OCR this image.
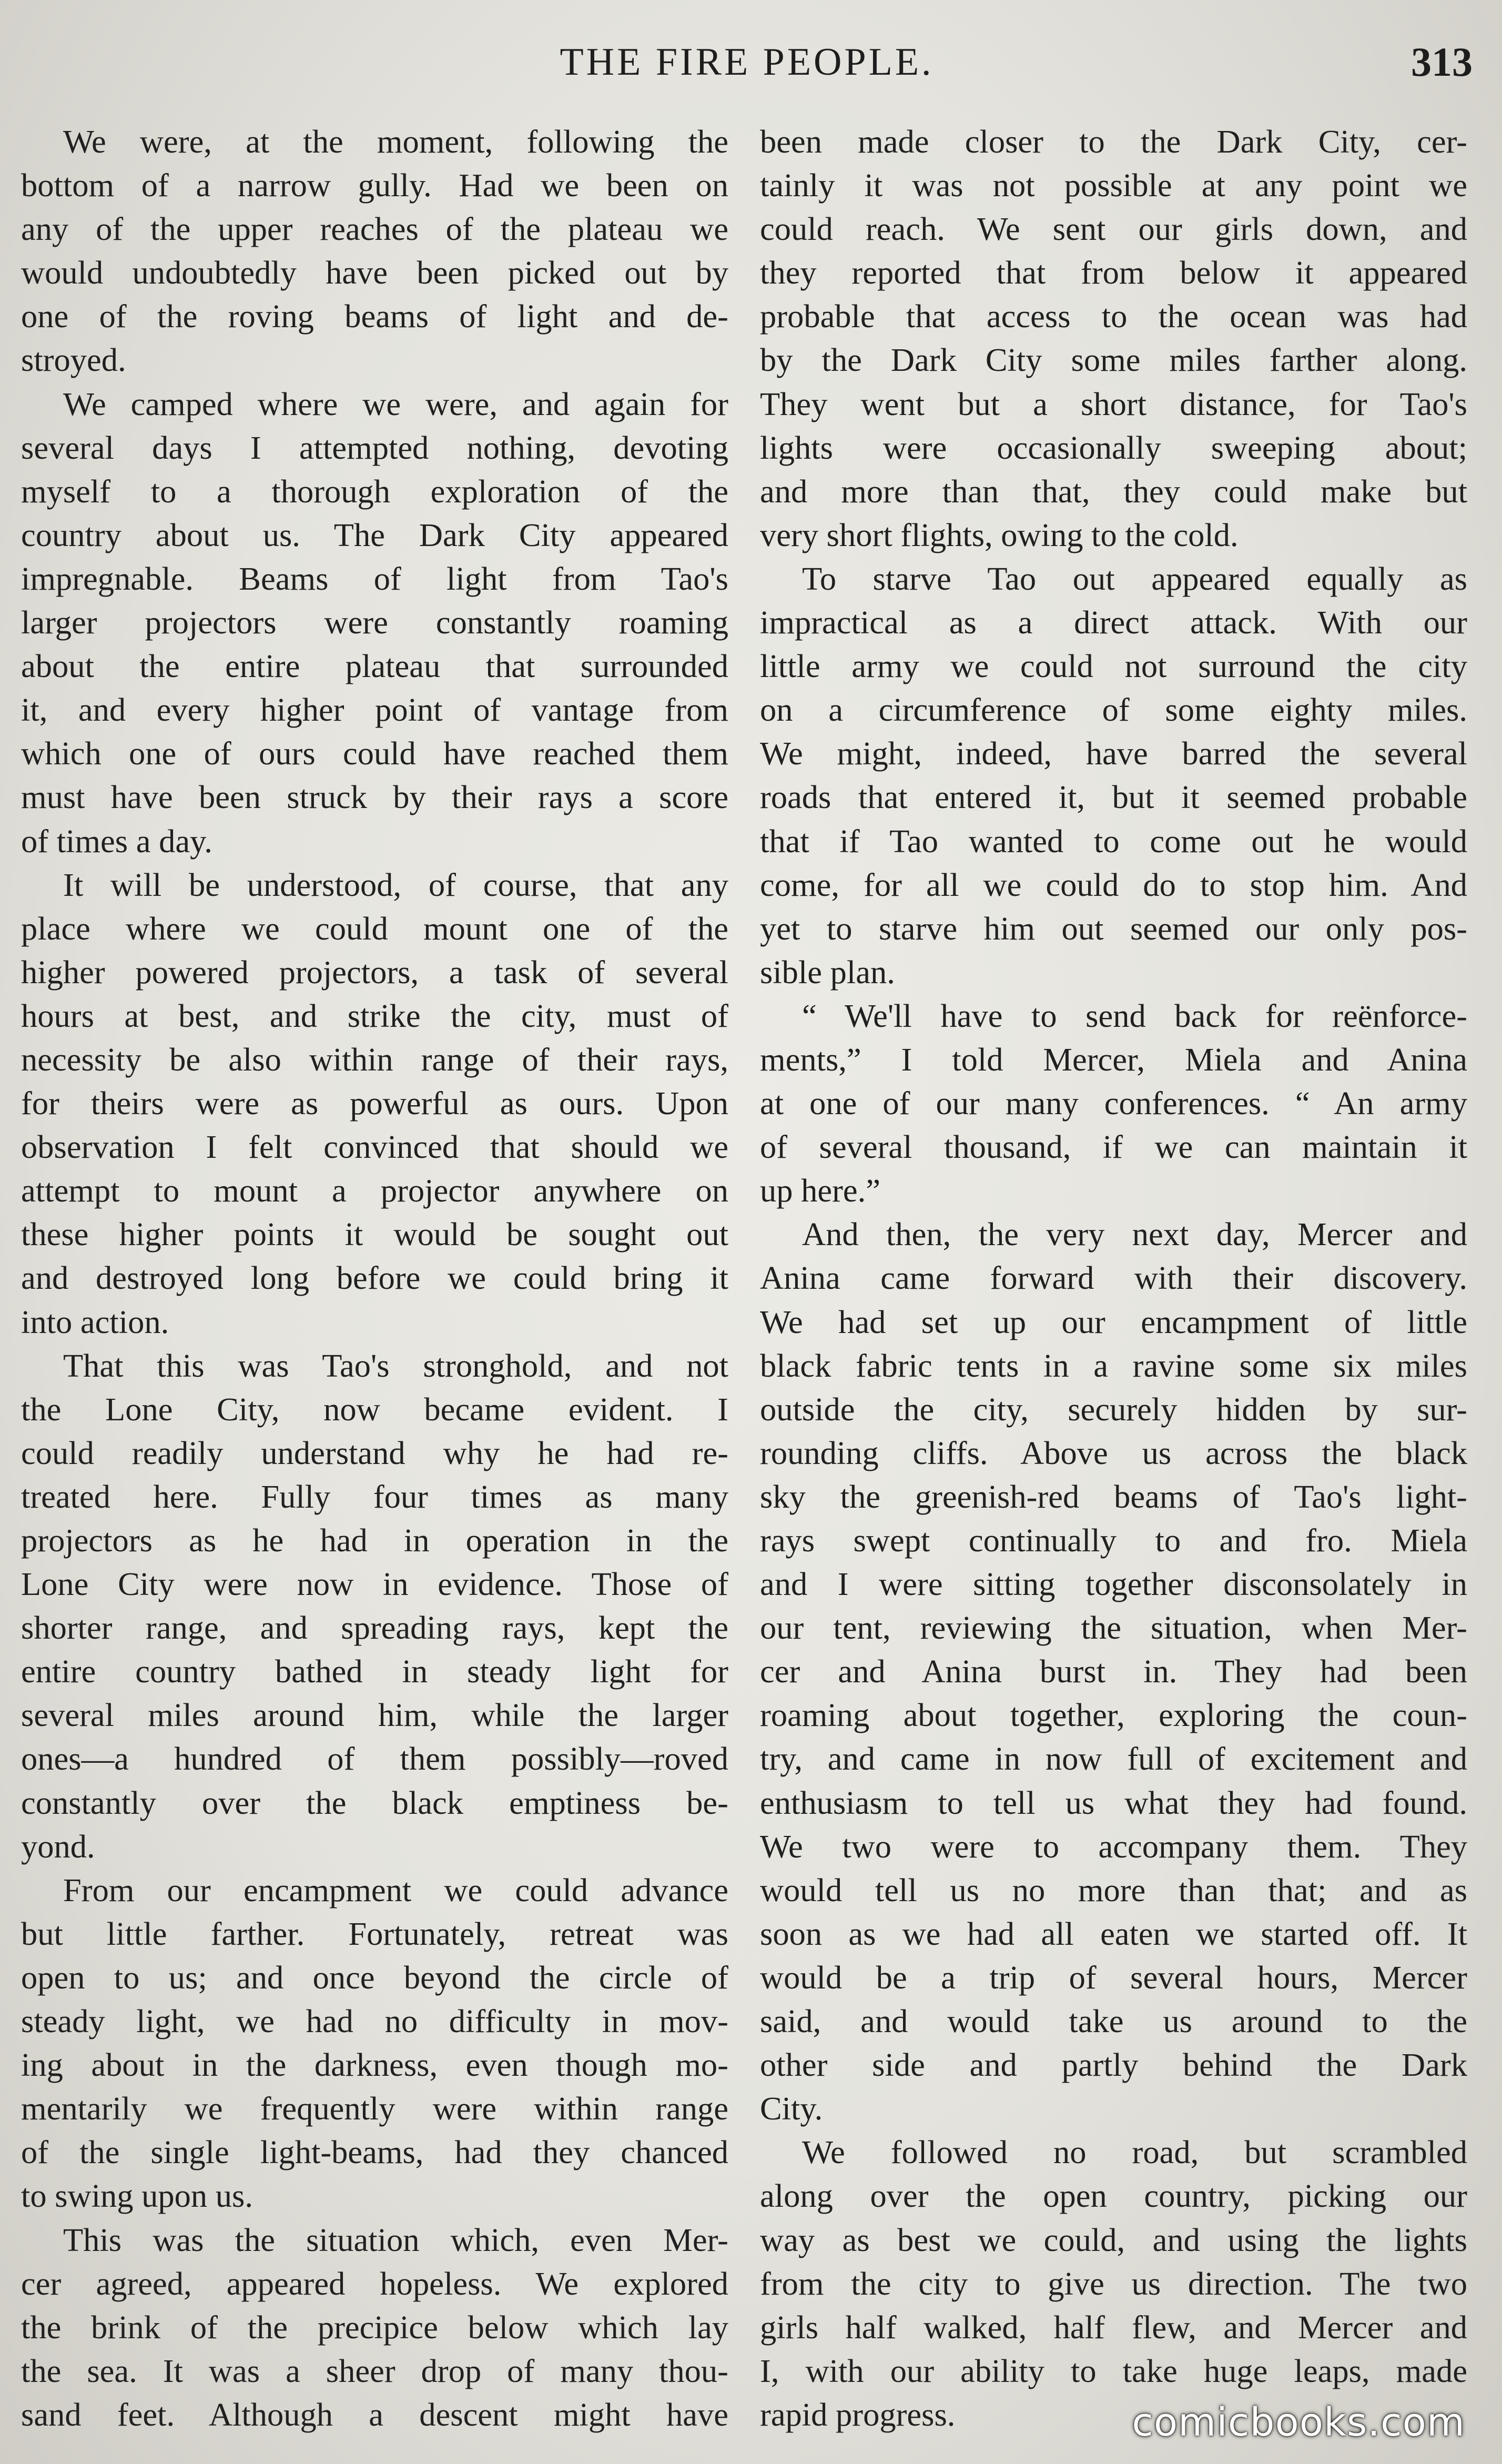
THE FIRE PEOPLE.	313
We were, at the moment, following the
bottom of a narrow gully. Had we been on
any of the upper reaches of the plateau we
would undoubtedly have been picked out by
one of the roving beams of light and de-
stroyed.
We camped where we were, and again for
several days I attempted nothing, devoting
myself to a thorough exploration of the
country about us. The Dark City appeared
impregnable. Beams of light from Tao's
larger projectors were constantly roaming
about the entire plateau that surrounded
it, and every higher point of vantage from
which one of ours could have reached them
must have been struck by their rays a score
of times a day.
It will be understood, of course, that any
place where we could mount one of the
higher powered projectors, a task of several
hours at best, and strike the city, must of
necessity be also within range of their rays,
for theirs were as powerful as ours. Upon
observation I felt convinced that should we
attempt to mount a projector anywhere on
these higher points it would be sought out
and destroyed long before we could bring it
into action.
That this was Tao's stronghold, and not
the Lone City, now became evident. I
could readily understand why he had re-
treated here. Fully four times as many
projectors as he had in operation in the
Lone City were now in evidence. Those of
shorter range, and spreading rays, kept the
entire country bathed in steady light for
several miles around him, while the larger
ones—a hundred of them possibly—roved
constantly over the black emptiness be-
yond.
From our encampment we could advance
but little farther. Fortunately, retreat was
open to us; and once beyond the circle of
steady light, we had no difficulty in mov-
ing about in the darkness, even though mo-
mentarily we frequently were within range
of the single light-beams, had they chanced
to swing upon us.
This was the situation which, even Mer-
cer agreed, appeared hopeless. We explored
the brink of the precipice below which lay
the sea. It was a sheer drop of many thou-
sand feet. Although a descent might have
been made closer to the Dark City, cer-
tainly it was not possible at any point we
could reach. We sent our girls down, and
they reported that from below it appeared
probable that access to the ocean was had
by the Dark City some miles farther along.
They went but a short distance, for Tao's
lights were occasionally sweeping about;
and more than that, they could make but
very short flights, owing to the cold.
To starve Tao out appeared equally as
impractical as a direct attack. With our
little army we could not surround the city
on a circumference of some eighty miles.
We might, indeed, have barred the several
roads that entered it, but it seemed probable
that if Tao wanted to come out he would
come, for all we could do to stop him. And
yet to starve him out seemed our only pos-
sible plan.
“ We'll have to send back for reënforce-
ments,” I told Mercer, Miela and Anina
at one of our many conferences. “ An army
of several thousand, if we can maintain it
up here.”
And then, the very next day, Mercer and
Anina came forward with their discovery.
We had set up our encampment of little
black fabric tents in a ravine some six miles
outside the city, securely hidden by sur-
rounding cliffs. Above us across the black
sky the greenish-red beams of Tao's light-
rays swept continually to and fro. Miela
and I were sitting together disconsolately in
our tent, reviewing the situation, when Mer-
cer and Anina burst in. They had been
roaming about together, exploring the coun-
try, and came in now full of excitement and
enthusiasm to tell us what they had found.
We two were to accompany them. They
would tell us no more than that; and as
soon as we had all eaten we started off. It
would be a trip of several hours, Mercer
said, and would take us around to the
other side and partly behind the Dark
City.
We followed no road, but scrambled
along over the open country, picking our
way as best we could, and using the lights
from the city to give us direction. The two
girls half walked, half flew, and Mercer and
I, with our ability to take huge leaps, made
rapid progress.	comicbooks.com
